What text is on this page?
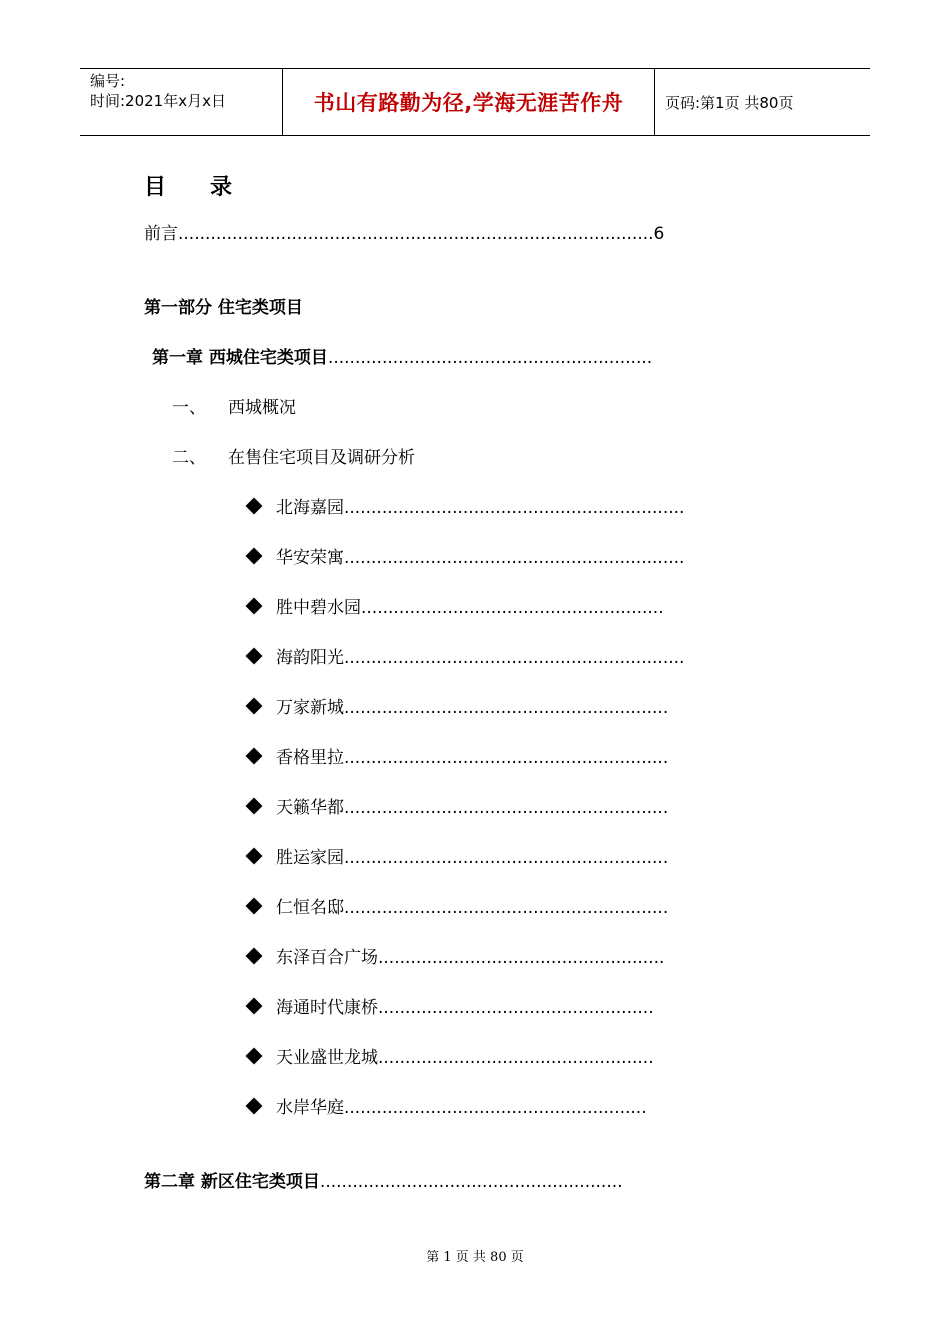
编号:
时间:2021年x月x日	书山有路勤为径,学海无涯苦作舟	页码:第1页 共80页
目录
前言........................................................................................6
第一部分 住宅类项目
第一章 西城住宅类项目............................................................
一、 西城概况
二、 在售住宅项目及调研分析
北海嘉园...............................................................
华安荣寓...............................................................
胜中碧水园........................................................
海韵阳光...............................................................
万家新城............................................................
香格里拉............................................................
天籁华都............................................................
胜运家园............................................................
仁恒名邸............................................................
东泽百合广场.....................................................
海通时代康桥...................................................
天业盛世龙城...................................................
水岸华庭........................................................
第二章 新区住宅类项目........................................................
第 1 页 共 80 页
